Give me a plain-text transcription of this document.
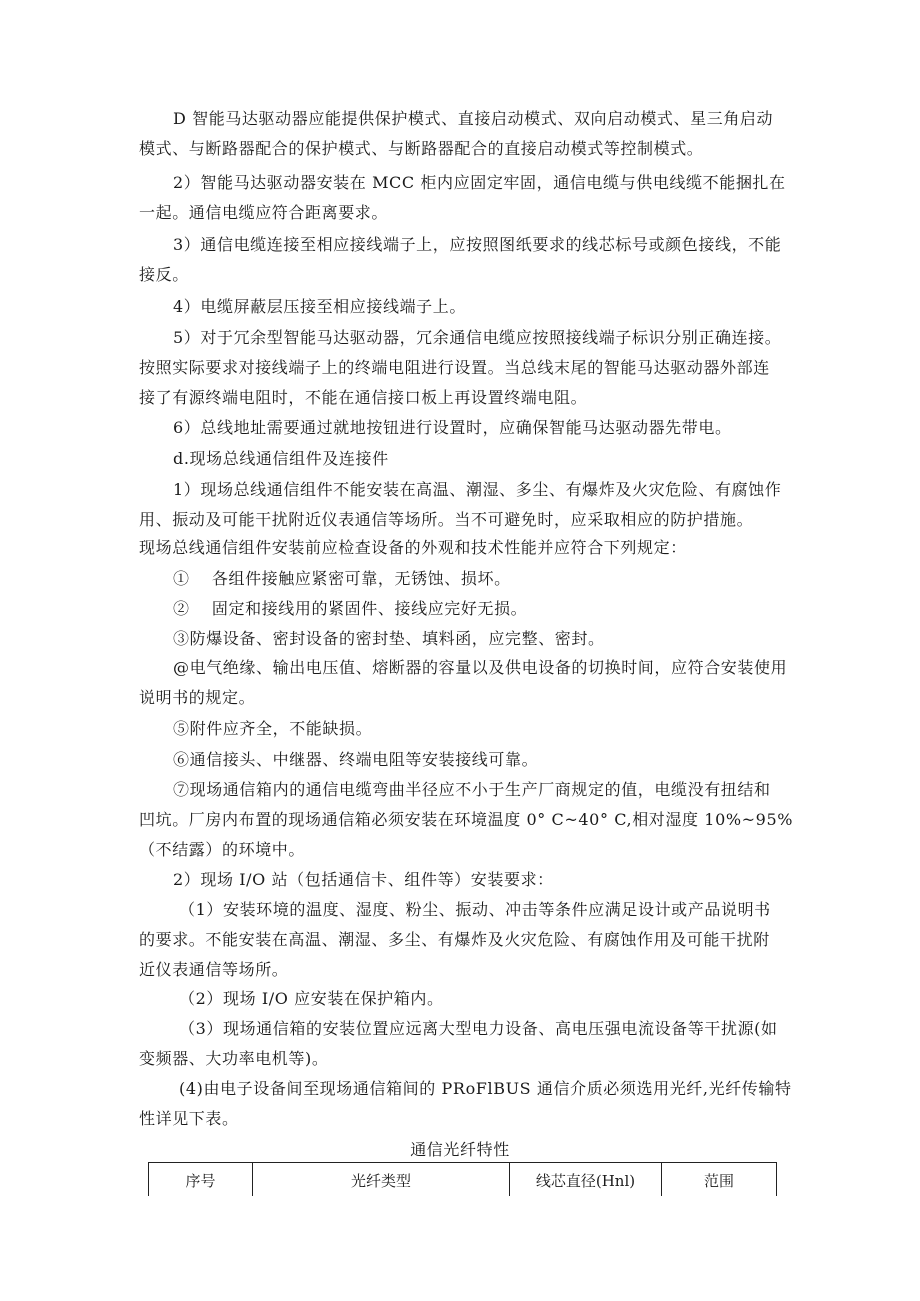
D 智能马达驱动器应能提供保护模式、直接启动模式、双向启动模式、星三角启动
模式、与断路器配合的保护模式、与断路器配合的直接启动模式等控制模式。

2）智能马达驱动器安装在 MCC 柜内应固定牢固，通信电缆与供电线缆不能捆扎在
一起。通信电缆应符合距离要求。

3）通信电缆连接至相应接线端子上，应按照图纸要求的线芯标号或颜色接线，不能
接反。

4）电缆屏蔽层压接至相应接线端子上。

5）对于冗余型智能马达驱动器，冗余通信电缆应按照接线端子标识分别正确连接。
按照实际要求对接线端子上的终端电阻进行设置。当总线末尾的智能马达驱动器外部连
接了有源终端电阻时，不能在通信接口板上再设置终端电阻。

6）总线地址需要通过就地按钮进行设置时，应确保智能马达驱动器先带电。

d.现场总线通信组件及连接件

1）现场总线通信组件不能安装在高温、潮湿、多尘、有爆炸及火灾危险、有腐蚀作
用、振动及可能干扰附近仪表通信等场所。当不可避免时，应采取相应的防护措施。

现场总线通信组件安装前应检查设备的外观和技术性能并应符合下列规定：

①　 各组件接触应紧密可靠，无锈蚀、损坏。

②　 固定和接线用的紧固件、接线应完好无损。

③防爆设备、密封设备的密封垫、填料函，应完整、密封。

@电气绝缘、输出电压值、熔断器的容量以及供电设备的切换时间，应符合安装使用
说明书的规定。

⑤附件应齐全，不能缺损。

⑥通信接头、中继器、终端电阻等安装接线可靠。

⑦现场通信箱内的通信电缆弯曲半径应不小于生产厂商规定的值，电缆没有扭结和
凹坑。厂房内布置的现场通信箱必须安装在环境温度 0° C~40° C,相对湿度 10%~95%
（不结露）的环境中。

2）现场 I/O 站（包括通信卡、组件等）安装要求：

（1）安装环境的温度、湿度、粉尘、振动、冲击等条件应满足设计或产品说明书
的要求。不能安装在高温、潮湿、多尘、有爆炸及火灾危险、有腐蚀作用及可能干扰附
近仪表通信等场所。

（2）现场 I/O 应安装在保护箱内。

（3）现场通信箱的安装位置应远离大型电力设备、高电压强电流设备等干扰源(如
变频器、大功率电机等)。

(4)由电子设备间至现场通信箱间的 PRoFlBUS 通信介质必须选用光纤,光纤传输特
性详见下表。

通信光纤特性
序号	光纤类型	线芯直径(Hnl)	范围
